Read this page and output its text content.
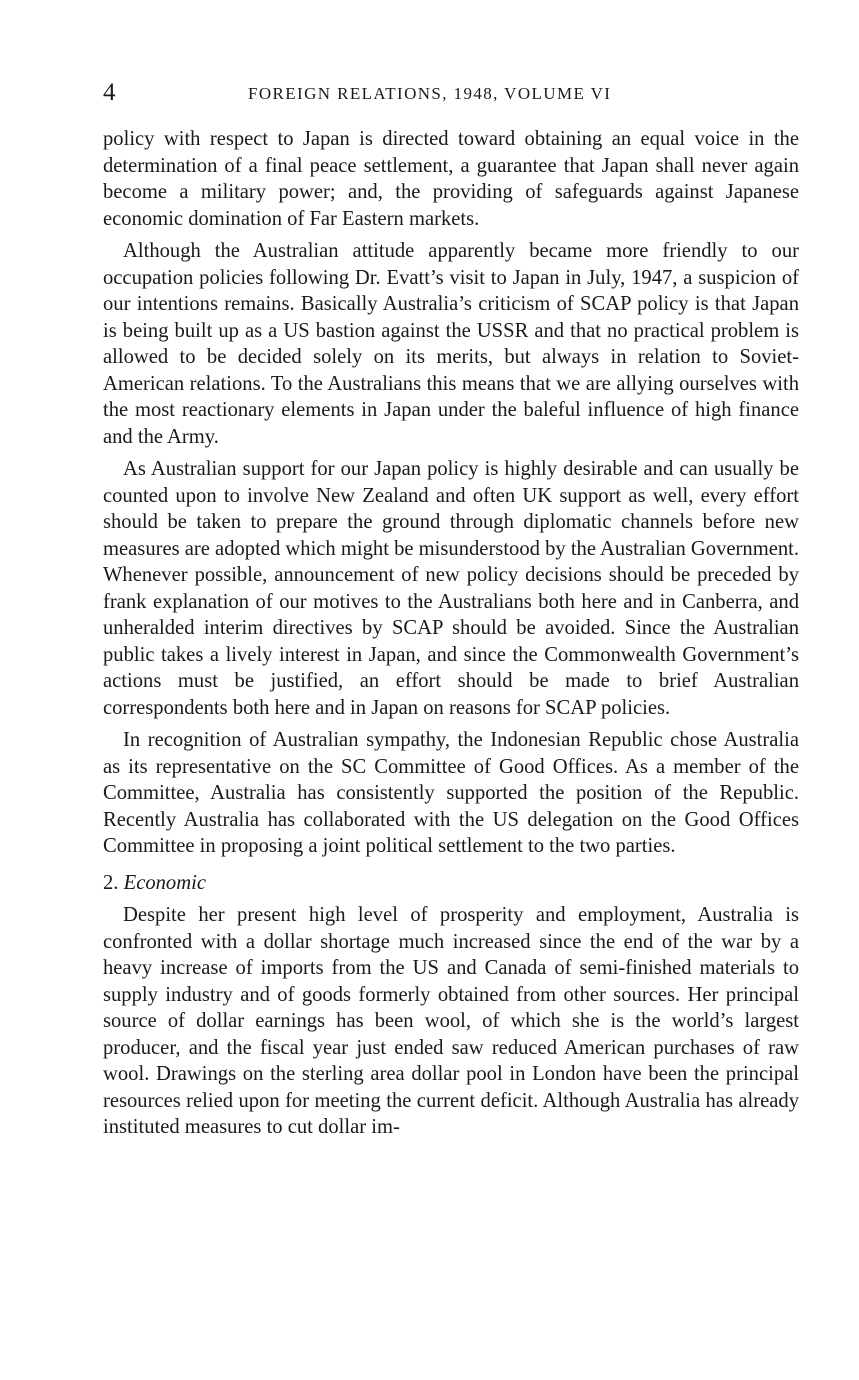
4	FOREIGN RELATIONS, 1948, VOLUME VI

policy with respect to Japan is directed toward obtaining an equal voice in the determination of a final peace settlement, a guarantee that Japan shall never again become a military power; and, the providing of safeguards against Japanese economic domination of Far Eastern markets.

Although the Australian attitude apparently became more friendly to our occupation policies following Dr. Evatt’s visit to Japan in July, 1947, a suspicion of our intentions remains. Basically Australia’s criticism of SCAP policy is that Japan is being built up as a US bastion against the USSR and that no practical problem is allowed to be decided solely on its merits, but always in relation to Soviet-American relations. To the Australians this means that we are allying ourselves with the most reactionary elements in Japan under the baleful influence of high finance and the Army.

As Australian support for our Japan policy is highly desirable and can usually be counted upon to involve New Zealand and often UK support as well, every effort should be taken to prepare the ground through diplomatic channels before new measures are adopted which might be misunderstood by the Australian Government. Whenever possible, announcement of new policy decisions should be preceded by frank explanation of our motives to the Australians both here and in Canberra, and unheralded interim directives by SCAP should be avoided. Since the Australian public takes a lively interest in Japan, and since the Commonwealth Government’s actions must be justified, an effort should be made to brief Australian correspondents both here and in Japan on reasons for SCAP policies.

In recognition of Australian sympathy, the Indonesian Republic chose Australia as its representative on the SC Committee of Good Offices. As a member of the Committee, Australia has consistently supported the position of the Republic. Recently Australia has collaborated with the US delegation on the Good Offices Committee in proposing a joint political settlement to the two parties.

2. Economic

Despite her present high level of prosperity and employment, Australia is confronted with a dollar shortage much increased since the end of the war by a heavy increase of imports from the US and Canada of semi-finished materials to supply industry and of goods formerly obtained from other sources. Her principal source of dollar earnings has been wool, of which she is the world’s largest producer, and the fiscal year just ended saw reduced American purchases of raw wool. Drawings on the sterling area dollar pool in London have been the principal resources relied upon for meeting the current deficit. Although Australia has already instituted measures to cut dollar im-
